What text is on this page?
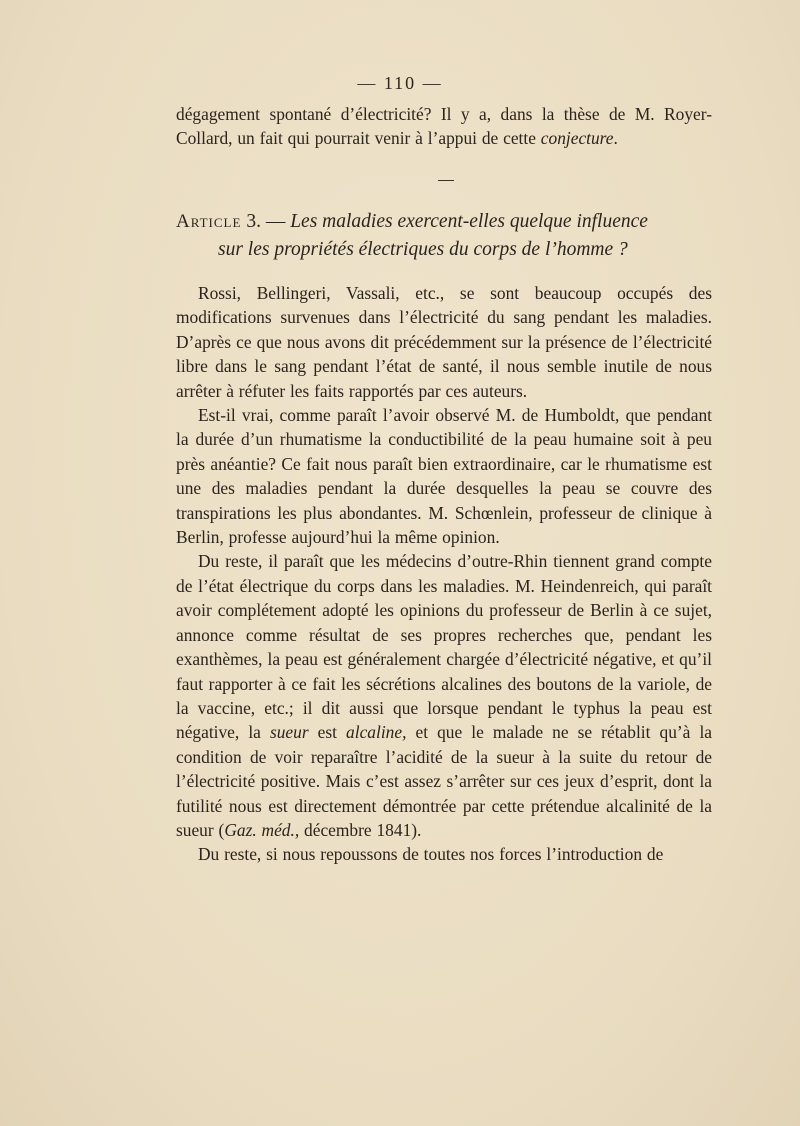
— 110 —

dégagement spontané d’électricité? Il y a, dans la thèse de M. Royer-Collard, un fait qui pourrait venir à l’appui de cette conjecture.

Article 3. — Les maladies exercent-elles quelque influence
sur les propriétés électriques du corps de l’homme ?

Rossi, Bellingeri, Vassali, etc., se sont beaucoup occupés des modifications survenues dans l’électricité du sang pendant les maladies. D’après ce que nous avons dit précédemment sur la présence de l’électricité libre dans le sang pendant l’état de santé, il nous semble inutile de nous arrêter à réfuter les faits rapportés par ces auteurs.

Est-il vrai, comme paraît l’avoir observé M. de Humboldt, que pendant la durée d’un rhumatisme la conductibilité de la peau humaine soit à peu près anéantie? Ce fait nous paraît bien extraordinaire, car le rhumatisme est une des maladies pendant la durée desquelles la peau se couvre des transpirations les plus abondantes. M. Schœnlein, professeur de clinique à Berlin, professe aujourd’hui la même opinion.

Du reste, il paraît que les médecins d’outre-Rhin tiennent grand compte de l’état électrique du corps dans les maladies. M. Heindenreich, qui paraît avoir complétement adopté les opinions du professeur de Berlin à ce sujet, annonce comme résultat de ses propres recherches que, pendant les exanthèmes, la peau est généralement chargée d’électricité négative, et qu’il faut rapporter à ce fait les sécrétions alcalines des boutons de la variole, de la vaccine, etc.; il dit aussi que lorsque pendant le typhus la peau est négative, la sueur est alcaline, et que le malade ne se rétablit qu’à la condition de voir reparaître l’acidité de la sueur à la suite du retour de l’électricité positive. Mais c’est assez s’arrêter sur ces jeux d’esprit, dont la futilité nous est directement démontrée par cette prétendue alcalinité de la sueur (Gaz. méd., décembre 1841).

Du reste, si nous repoussons de toutes nos forces l’introduction de
